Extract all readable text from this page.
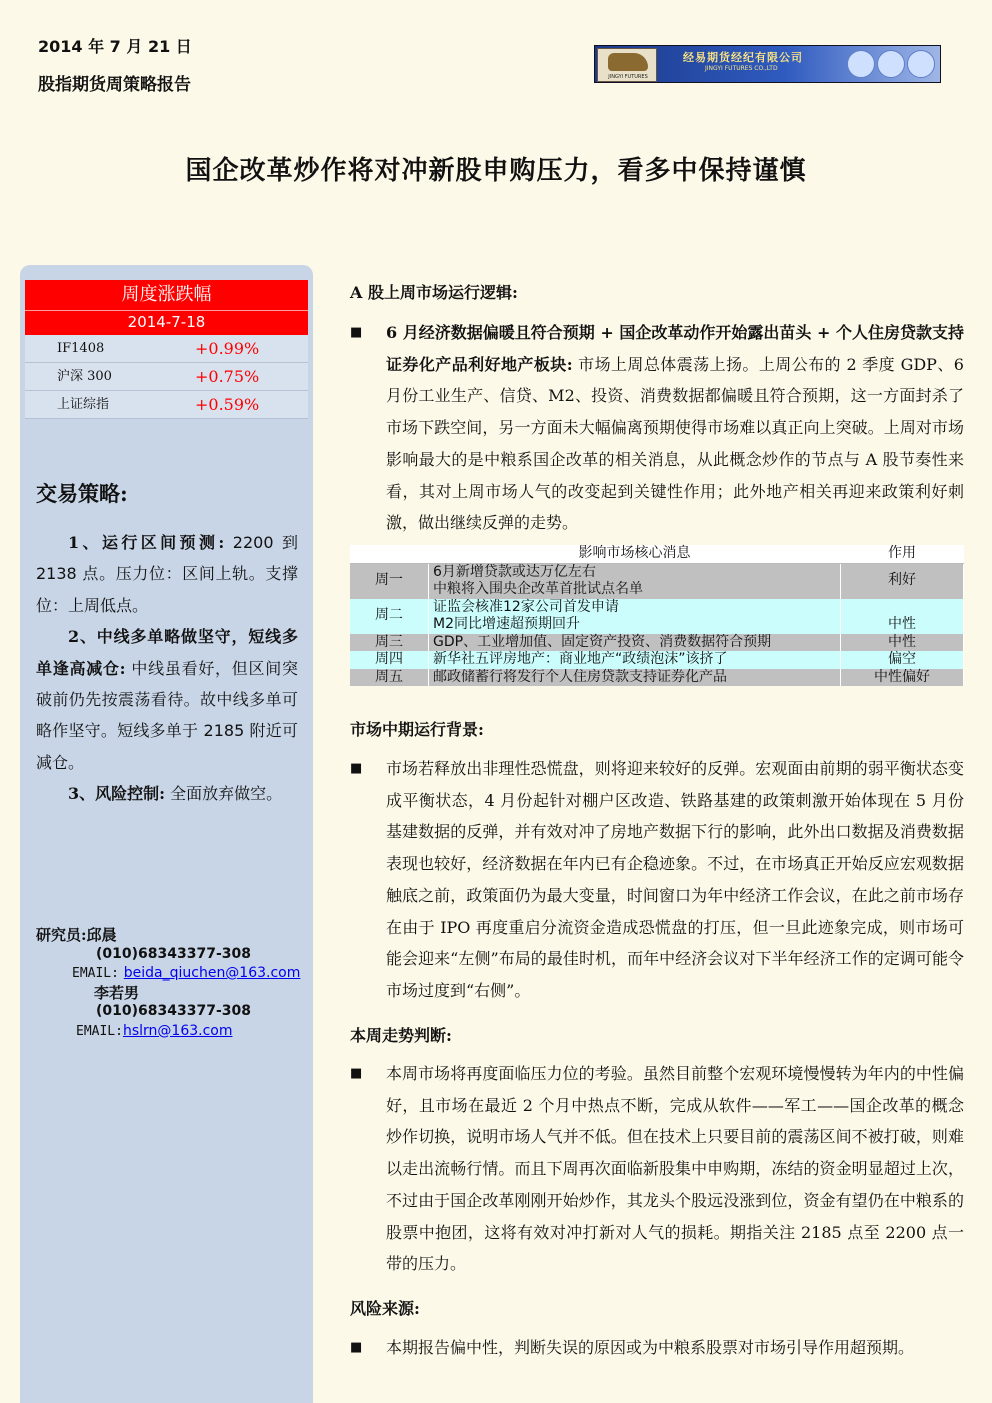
2014 年 7 月 21 日
股指期货周策略报告	JINGYI FUTURES
经易期货经纪有限公司
JINGYI FUTURES CO.,LTD
国企改革炒作将对冲新股申购压力，看多中保持谨慎
周度涨跌幅
2014-7-18
IF1408	+0.99%
沪深 300	+0.75%
上证综指	+0.59%
交易策略:

1、运行区间预测: 2200 到 2138 点。压力位：区间上轨。支撑位：上周低点。

2、中线多单略做坚守，短线多单逢高减仓: 中线虽看好，但区间突破前仍先按震荡看待。故中线多单可略作坚守。短线多单于 2185 附近可减仓。

3、风险控制: 全面放弃做空。

研究员:邱晨
(010)68343377-308
EMAIL: beida_qiuchen@163.com
李若男
(010)68343377-308
EMAIL:hslrn@163.com
A 股上周市场运行逻辑:
■ 6 月经济数据偏暖且符合预期 + 国企改革动作开始露出苗头 + 个人住房贷款支持证券化产品利好地产板块: 市场上周总体震荡上扬。上周公布的 2 季度 GDP、6 月份工业生产、信贷、M2、投资、消费数据都偏暖且符合预期，这一方面封杀了市场下跌空间，另一方面未大幅偏离预期使得市场难以真正向上突破。上周对市场影响最大的是中粮系国企改革的相关消息，从此概念炒作的节点与 A 股节奏性来看，其对上周市场人气的改变起到关键性作用；此外地产相关再迎来政策利好刺激，做出继续反弹的走势。
	影响市场核心消息	作用
周一	6月新增贷款或达万亿左右
中粮将入围央企改革首批试点名单	利好
周二	证监会核准12家公司首发申请
M2同比增速超预期回升	中性
周三	GDP、工业增加值、固定资产投资、消费数据符合预期	中性
周四	新华社五评房地产：商业地产“政绩泡沫”该挤了	偏空
周五	邮政储蓄行将发行个人住房贷款支持证券化产品	中性偏好
市场中期运行背景:
■ 市场若释放出非理性恐慌盘，则将迎来较好的反弹。宏观面由前期的弱平衡状态变成平衡状态，4 月份起针对棚户区改造、铁路基建的政策刺激开始体现在 5 月份基建数据的反弹，并有效对冲了房地产数据下行的影响，此外出口数据及消费数据表现也较好，经济数据在年内已有企稳迹象。不过，在市场真正开始反应宏观数据触底之前，政策面仍为最大变量，时间窗口为年中经济工作会议，在此之前市场存在由于 IPO 再度重启分流资金造成恐慌盘的打压，但一旦此迹象完成，则市场可能会迎来“左侧”布局的最佳时机，而年中经济会议对下半年经济工作的定调可能令市场过度到“右侧”。
本周走势判断:
■ 本周市场将再度面临压力位的考验。虽然目前整个宏观环境慢慢转为年内的中性偏好，且市场在最近 2 个月中热点不断，完成从软件——军工——国企改革的概念炒作切换，说明市场人气并不低。但在技术上只要目前的震荡区间不被打破，则难以走出流畅行情。而且下周再次面临新股集中申购期，冻结的资金明显超过上次，不过由于国企改革刚刚开始炒作，其龙头个股远没涨到位，资金有望仍在中粮系的股票中抱团，这将有效对冲打新对人气的损耗。期指关注 2185 点至 2200 点一带的压力。
风险来源:
■ 本期报告偏中性，判断失误的原因或为中粮系股票对市场引导作用超预期。
